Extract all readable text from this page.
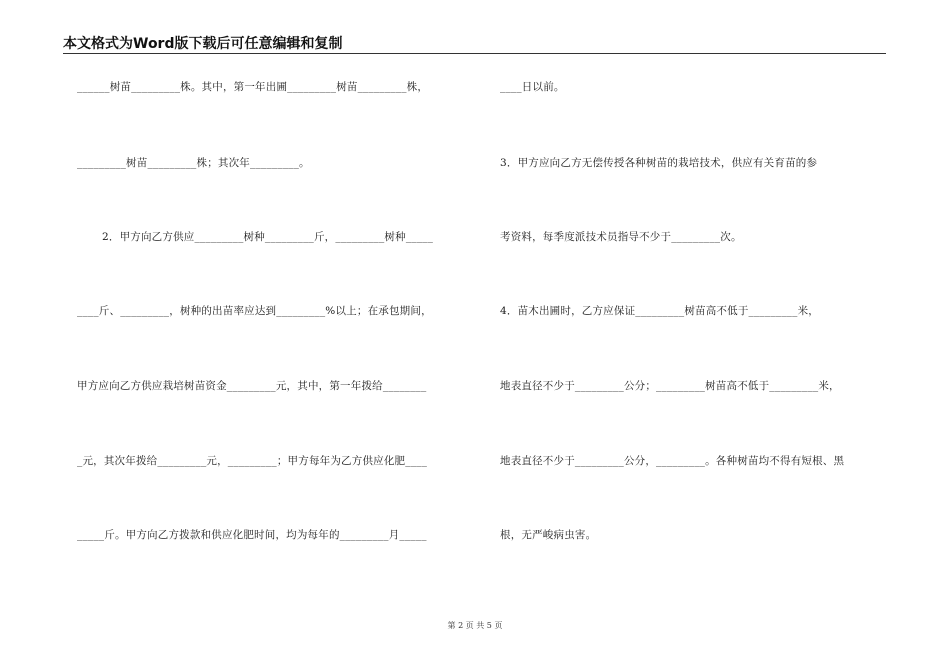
本文格式为Word版下载后可任意编辑和复制
______树苗_________株。其中，第一年出圃_________树苗_________株，
_________树苗_________株；其次年_________。
2．甲方向乙方供应_________树种_________斤，_________树种_____
____斤、_________，树种的出苗率应达到_________%以上；在承包期间，
甲方应向乙方供应栽培树苗资金_________元，其中，第一年拨给________
_元，其次年拨给_________元，_________；甲方每年为乙方供应化肥____
_____斤。甲方向乙方拨款和供应化肥时间，均为每年的_________月_____
____日以前。
3．甲方应向乙方无偿传授各种树苗的栽培技术，供应有关育苗的参
考资料，每季度派技术员指导不少于_________次。
4．苗木出圃时，乙方应保证_________树苗高不低于_________米，
地表直径不少于_________公分；_________树苗高不低于_________米，
地表直径不少于_________公分，_________。各种树苗均不得有短根、黑
根，无严峻病虫害。
第 2 页 共 5 页
